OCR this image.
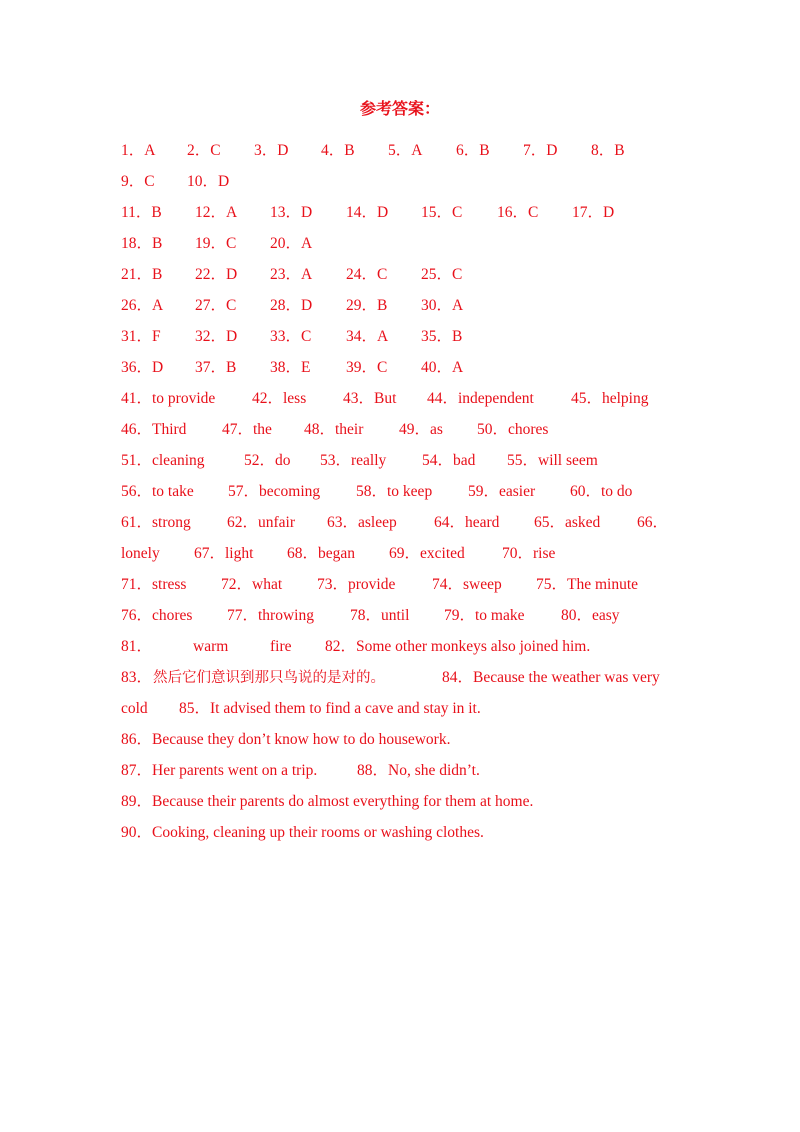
参考答案：
1．A 2．C 3．D 4．B 5．A 6．B 7．D 8．B
9．C 10．D
11．B 12．A 13．D 14．D 15．C 16．C 17．D
18．B 19．C 20．A
21．B 22．D 23．A 24．C 25．C
26．A 27．C 28．D 29．B 30．A
31．F 32．D 33．C 34．A 35．B
36．D 37．B 38．E 39．C 40．A
41．to provide 42．less 43．But 44．independent 45．helping
46．Third 47．the 48．their 49．as 50．chores
51．cleaning	52．do 53．really 54．bad 55．will seem
56．to take 57．becoming 58．to keep 59．easier 60．to do
61．strong 62．unfair 63．asleep 64．heard 65．asked 66．
lonely 67．light 68．began 69．excited 70．rise
71．stress 72．what 73．provide 74．sweep 75．The minute
76．chores 77．throwing 78．until 79．to make 80．easy
81．	warm	fire 82．Some other monkeys also joined him.
83． 然后它们意识到那只鸟说的是对的。	84．Because the weather was very
cold 85．It advised them to find a cave and stay in it.
86．Because they don’t know how to do housework.
87．Her parents went on a trip.	88．No, she didn’t.
89．Because their parents do almost everything for them at home.
90．Cooking, cleaning up their rooms or washing clothes.
